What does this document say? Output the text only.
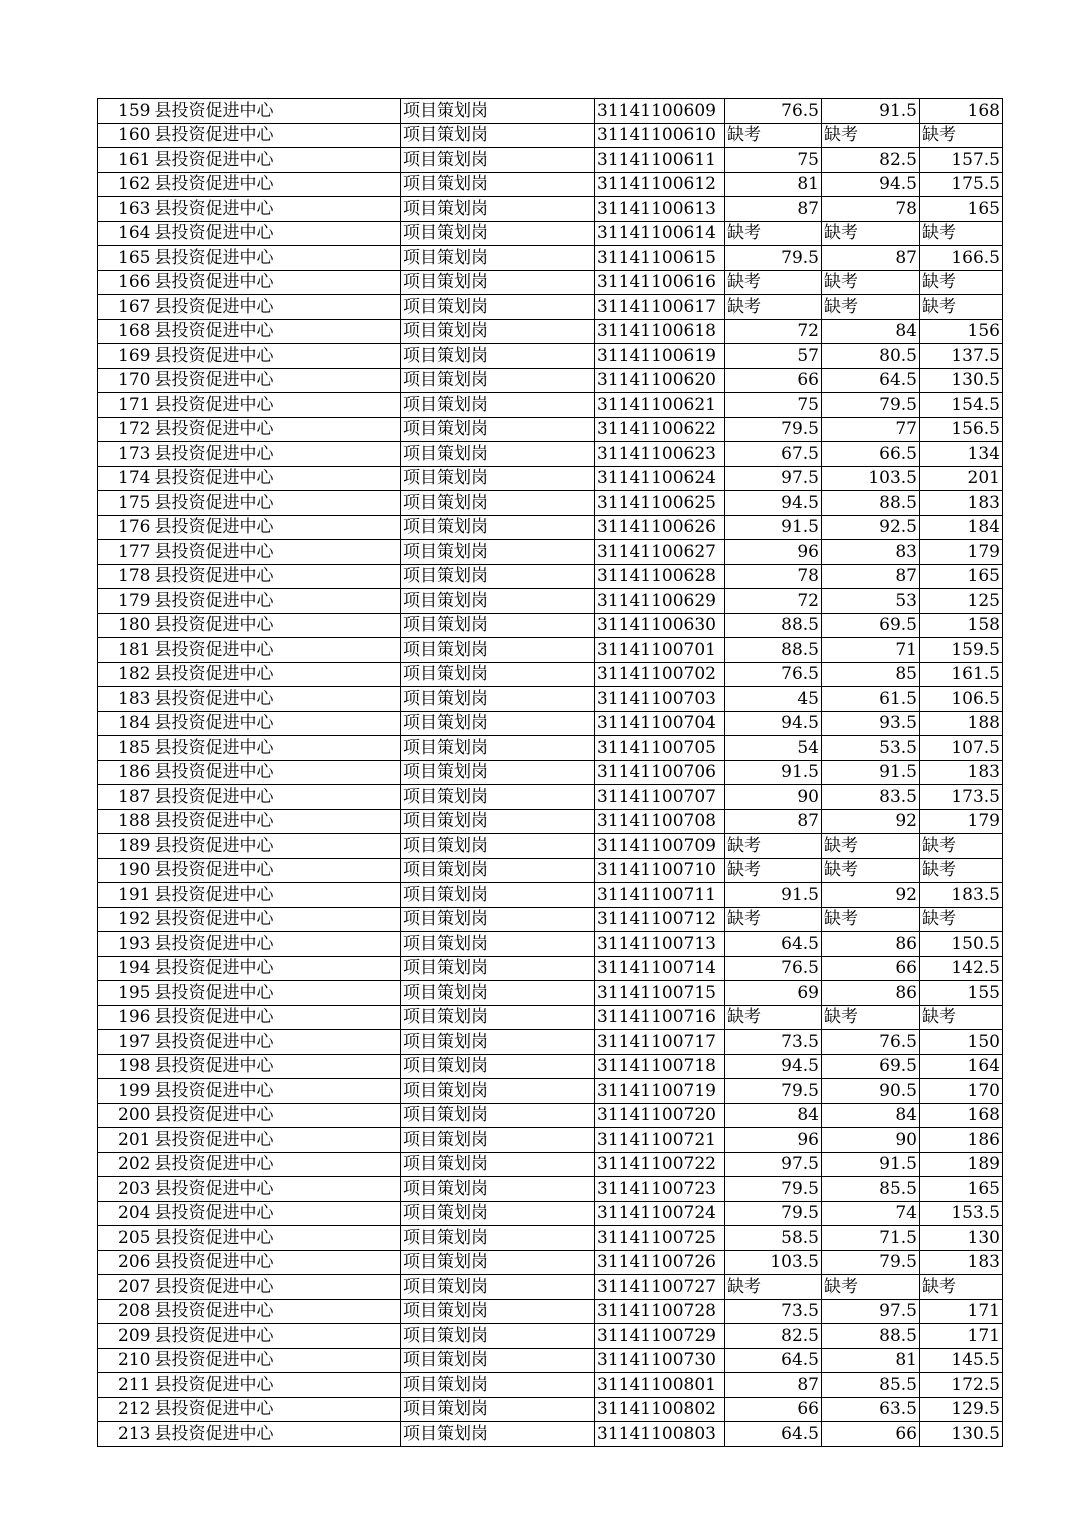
159	县投资促进中心	项目策划岗	31141100609	76.5	91.5	168
160	县投资促进中心	项目策划岗	31141100610	缺考	缺考	缺考
161	县投资促进中心	项目策划岗	31141100611	75	82.5	157.5
162	县投资促进中心	项目策划岗	31141100612	81	94.5	175.5
163	县投资促进中心	项目策划岗	31141100613	87	78	165
164	县投资促进中心	项目策划岗	31141100614	缺考	缺考	缺考
165	县投资促进中心	项目策划岗	31141100615	79.5	87	166.5
166	县投资促进中心	项目策划岗	31141100616	缺考	缺考	缺考
167	县投资促进中心	项目策划岗	31141100617	缺考	缺考	缺考
168	县投资促进中心	项目策划岗	31141100618	72	84	156
169	县投资促进中心	项目策划岗	31141100619	57	80.5	137.5
170	县投资促进中心	项目策划岗	31141100620	66	64.5	130.5
171	县投资促进中心	项目策划岗	31141100621	75	79.5	154.5
172	县投资促进中心	项目策划岗	31141100622	79.5	77	156.5
173	县投资促进中心	项目策划岗	31141100623	67.5	66.5	134
174	县投资促进中心	项目策划岗	31141100624	97.5	103.5	201
175	县投资促进中心	项目策划岗	31141100625	94.5	88.5	183
176	县投资促进中心	项目策划岗	31141100626	91.5	92.5	184
177	县投资促进中心	项目策划岗	31141100627	96	83	179
178	县投资促进中心	项目策划岗	31141100628	78	87	165
179	县投资促进中心	项目策划岗	31141100629	72	53	125
180	县投资促进中心	项目策划岗	31141100630	88.5	69.5	158
181	县投资促进中心	项目策划岗	31141100701	88.5	71	159.5
182	县投资促进中心	项目策划岗	31141100702	76.5	85	161.5
183	县投资促进中心	项目策划岗	31141100703	45	61.5	106.5
184	县投资促进中心	项目策划岗	31141100704	94.5	93.5	188
185	县投资促进中心	项目策划岗	31141100705	54	53.5	107.5
186	县投资促进中心	项目策划岗	31141100706	91.5	91.5	183
187	县投资促进中心	项目策划岗	31141100707	90	83.5	173.5
188	县投资促进中心	项目策划岗	31141100708	87	92	179
189	县投资促进中心	项目策划岗	31141100709	缺考	缺考	缺考
190	县投资促进中心	项目策划岗	31141100710	缺考	缺考	缺考
191	县投资促进中心	项目策划岗	31141100711	91.5	92	183.5
192	县投资促进中心	项目策划岗	31141100712	缺考	缺考	缺考
193	县投资促进中心	项目策划岗	31141100713	64.5	86	150.5
194	县投资促进中心	项目策划岗	31141100714	76.5	66	142.5
195	县投资促进中心	项目策划岗	31141100715	69	86	155
196	县投资促进中心	项目策划岗	31141100716	缺考	缺考	缺考
197	县投资促进中心	项目策划岗	31141100717	73.5	76.5	150
198	县投资促进中心	项目策划岗	31141100718	94.5	69.5	164
199	县投资促进中心	项目策划岗	31141100719	79.5	90.5	170
200	县投资促进中心	项目策划岗	31141100720	84	84	168
201	县投资促进中心	项目策划岗	31141100721	96	90	186
202	县投资促进中心	项目策划岗	31141100722	97.5	91.5	189
203	县投资促进中心	项目策划岗	31141100723	79.5	85.5	165
204	县投资促进中心	项目策划岗	31141100724	79.5	74	153.5
205	县投资促进中心	项目策划岗	31141100725	58.5	71.5	130
206	县投资促进中心	项目策划岗	31141100726	103.5	79.5	183
207	县投资促进中心	项目策划岗	31141100727	缺考	缺考	缺考
208	县投资促进中心	项目策划岗	31141100728	73.5	97.5	171
209	县投资促进中心	项目策划岗	31141100729	82.5	88.5	171
210	县投资促进中心	项目策划岗	31141100730	64.5	81	145.5
211	县投资促进中心	项目策划岗	31141100801	87	85.5	172.5
212	县投资促进中心	项目策划岗	31141100802	66	63.5	129.5
213	县投资促进中心	项目策划岗	31141100803	64.5	66	130.5
